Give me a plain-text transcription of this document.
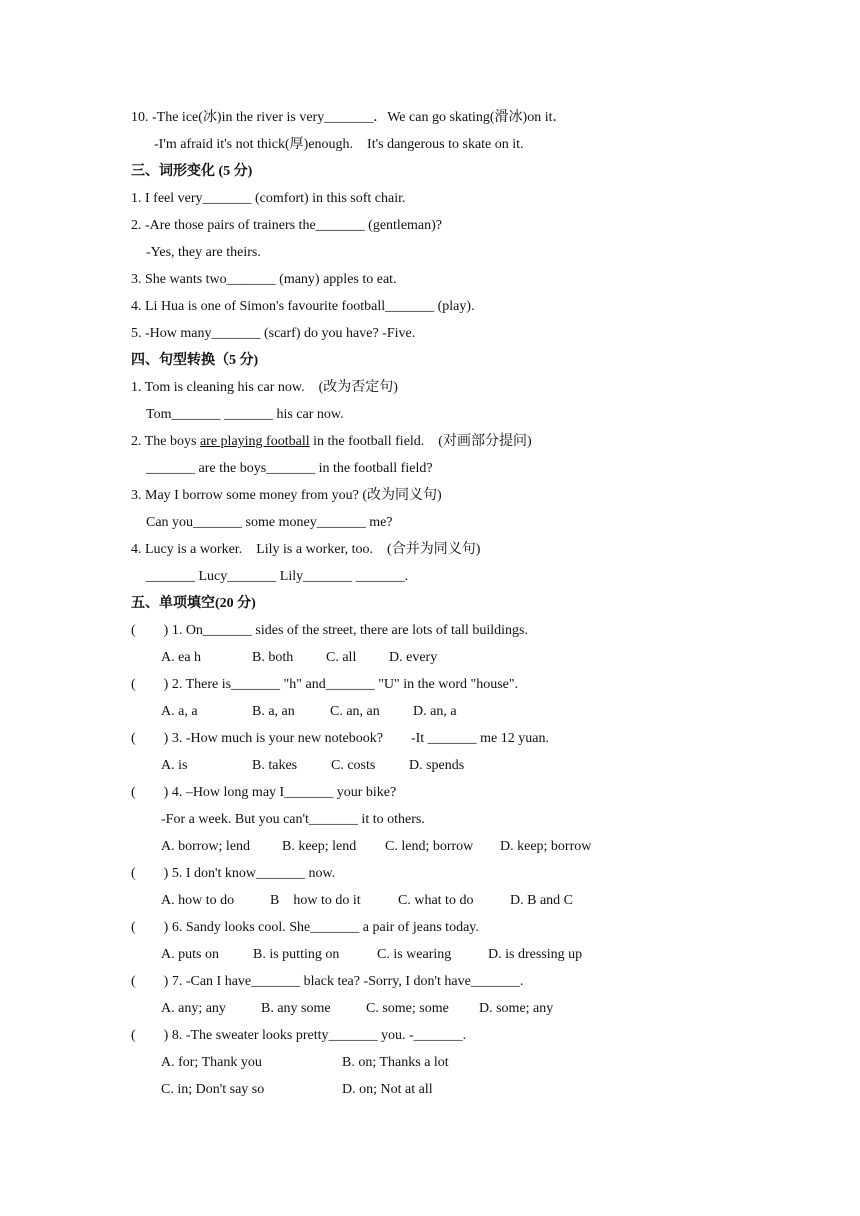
10. -The ice(冰)in the river is very_______．We can go skating(滑冰)on it．
-I'm afraid it's not thick(厚)enough.    It's dangerous to skate on it.
三、词形变化 (5 分)
1. I feel very_______ (comfort) in this soft chair.
2. -Are those pairs of trainers the_______ (gentleman)?
-Yes, they are theirs.
3. She wants two_______ (many) apples to eat.
4. Li Hua is one of Simon's favourite football_______ (play).
5. -How many_______ (scarf) do you have? -Five.
四、句型转换（5 分)
1. Tom is cleaning his car now.    (改为否定句)
Tom_______ _______ his car now.
2. The boys are playing football in the football field.    (对画部分提问)
_______ are the boys_______ in the football field?
3. May I borrow some money from you? (改为同义句)
Can you_______ some money_______ me?
4. Lucy is a worker.    Lily is a worker, too.    (合并为同义句)
_______ Lucy_______ Lily_______ _______.
五、单项填空(20 分)
(        ) 1. On_______ sides of the street, there are lots of tall buildings.
A. ea h	B. both C. all D. every
(        ) 2. There is_______ "h" and_______ "U" in the word "house".
A. a, a	B. a, an	C. an, an D. an, a
(        ) 3. -How much is your new notebook?        -It _______ me 12 yuan.
A. is	B. takes C. costs D. spends
(        ) 4. –How long may I_______ your bike?
-For a week. But you can't_______ it to others.
A. borrow; lend B. keep; lend C. lend; borrow D. keep; borrow
(        ) 5. I don't know_______ now.
A. how to do	B    how to do it	C. what to do	D. B and C
(        ) 6. Sandy looks cool. She_______ a pair of jeans today.
A. puts on B. is putting on	C. is wearing	D. is dressing up
(        ) 7. -Can I have_______ black tea? -Sorry, I don't have_______.
A. any; any	B. any some	C. some; some D. some; any
(        ) 8. -The sweater looks pretty_______ you. -_______.
A. for; Thank you	B. on; Thanks a lot
C. in; Don't say so	D. on; Not at all
